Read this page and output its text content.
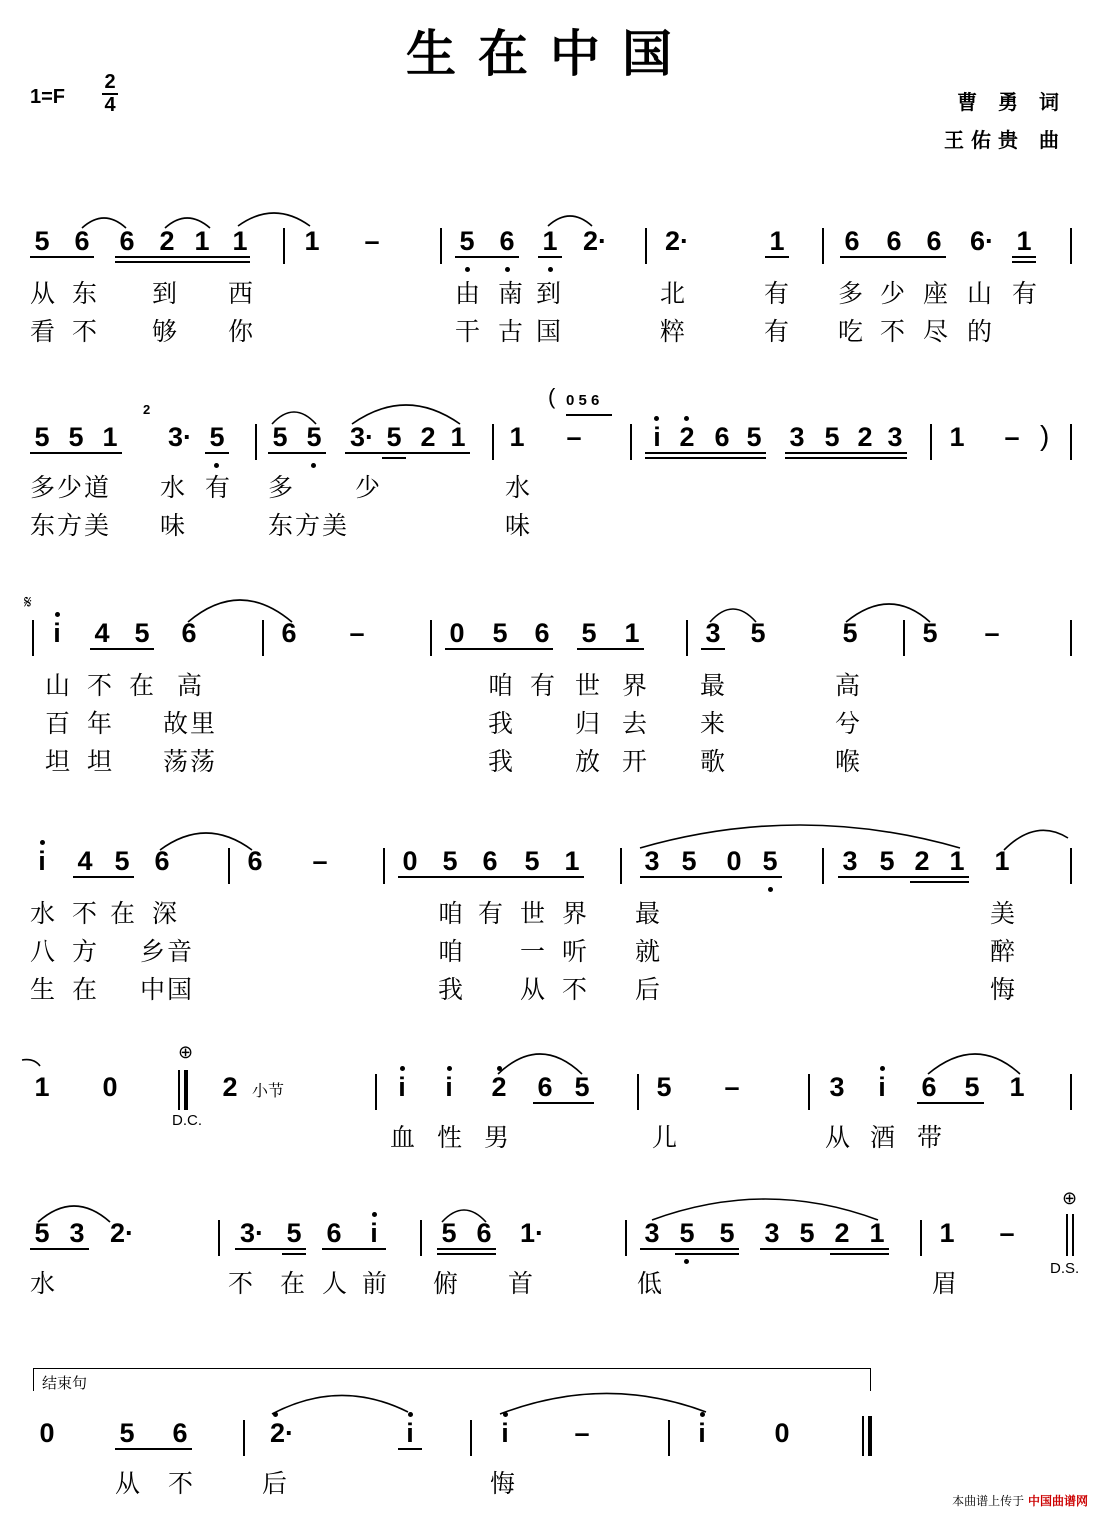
生在中国
1=F
2
4	曹 勇 词
王佑贵 曲
5 6 6 2 1 1 1 –	5 6 1 2· 2·	1 6 6 6 6· 1
从 东 到 西	由 南 到	北	有 多 少 座 山 有
看 不 够 你	干 古 国	粹	有 吃 不 尽 的
5 5 1
2
3· 5 5 5 3· 5 2 1 1 –
( 0 5 6
i 2 6 5 3 5 2 3 1 – )
多少道 水 有 多 少	水
东方美 味	东方美	味
𝄋
i	4 5 6	6 –	0 5 6 5 1 3 5	5 5 –
山 不 在 高	咱 有 世 界 最	高
百 年 故里	我 归 去 来	兮
坦 坦 荡荡	我 放 开 歌	喉
i	4 5 6	6 –	0 5 6 5 1 3 5 0 5 3 5 2 1 1
水 不 在 深	咱 有 世 界 最	美
八 方 乡音	咱 一 听 就	醉
生 在 中国	我 从 不 后	悔
⊕
D.C.
1 0	2 小节	i	i	2 6 5 5 –	3	i	6 5 1
血 性 男	儿	从 酒 带
⊕
D.S.
5 3 2·	3· 5 6	i	5 6 1·	3 5 5 3 5 2 1 1 –
水	不 在 人 前 俯 首	低	眉
结束句
0 5 6	2·	i	i	–	i	0
从 不	后	悔
本曲谱上传于 中国曲谱网
